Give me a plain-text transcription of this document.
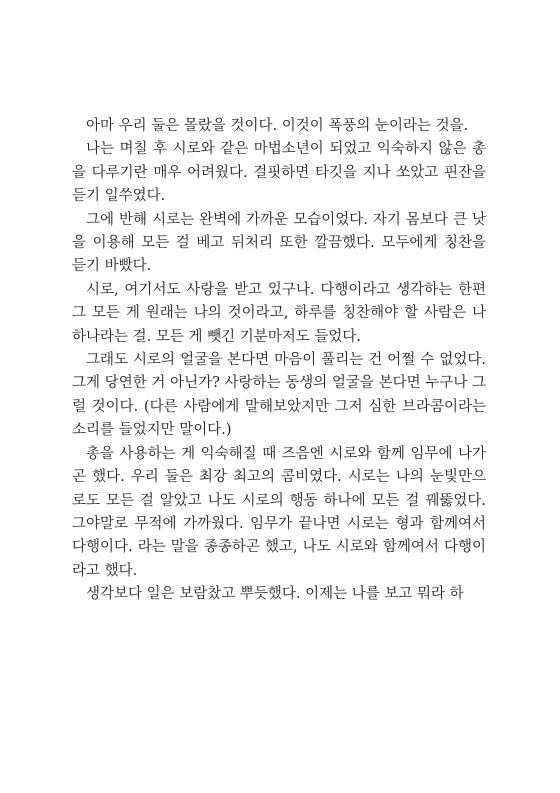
아마 우리 둘은 몰랐을 것이다. 이것이 폭풍의 눈이라는 것을.

나는 며칠 후 시로와 같은 마법소년이 되었고 익숙하지 않은 총을 다루기란 매우 어려웠다. 걸핏하면 타깃을 지나 쏘았고 핀잔을 듣기 일쑤였다.

그에 반해 시로는 완벽에 가까운 모습이었다. 자기 몸보다 큰 낫을 이용해 모든 걸 베고 뒤처리 또한 깔끔했다. 모두에게 칭찬을 듣기 바빴다.

시로, 여기서도 사랑을 받고 있구나. 다행이라고 생각하는 한편 그 모든 게 원래는 나의 것이라고, 하루를 칭찬해야 할 사람은 나 하나라는 걸. 모든 게 뺏긴 기분마저도 들었다.

그래도 시로의 얼굴을 본다면 마음이 풀리는 건 어쩔 수 없었다. 그게 당연한 거 아닌가? 사랑하는 동생의 얼굴을 본다면 누구나 그럴 것이다. (다른 사람에게 말해보았지만 그저 심한 브라콤이라는 소리를 들었지만 말이다.)

총을 사용하는 게 익숙해질 때 즈음엔 시로와 함께 임무에 나가곤 했다. 우리 둘은 최강 최고의 콤비였다. 시로는 나의 눈빛만으로도 모든 걸 알았고 나도 시로의 행동 하나에 모든 걸 꿰뚫었다. 그야말로 무적에 가까웠다. 임무가 끝나면 시로는 형과 함께여서 다행이다. 라는 말을 종종하곤 했고, 나도 시로와 함께여서 다행이라고 했다.

생각보다 일은 보람찼고 뿌듯했다. 이제는 나를 보고 뭐라 하
